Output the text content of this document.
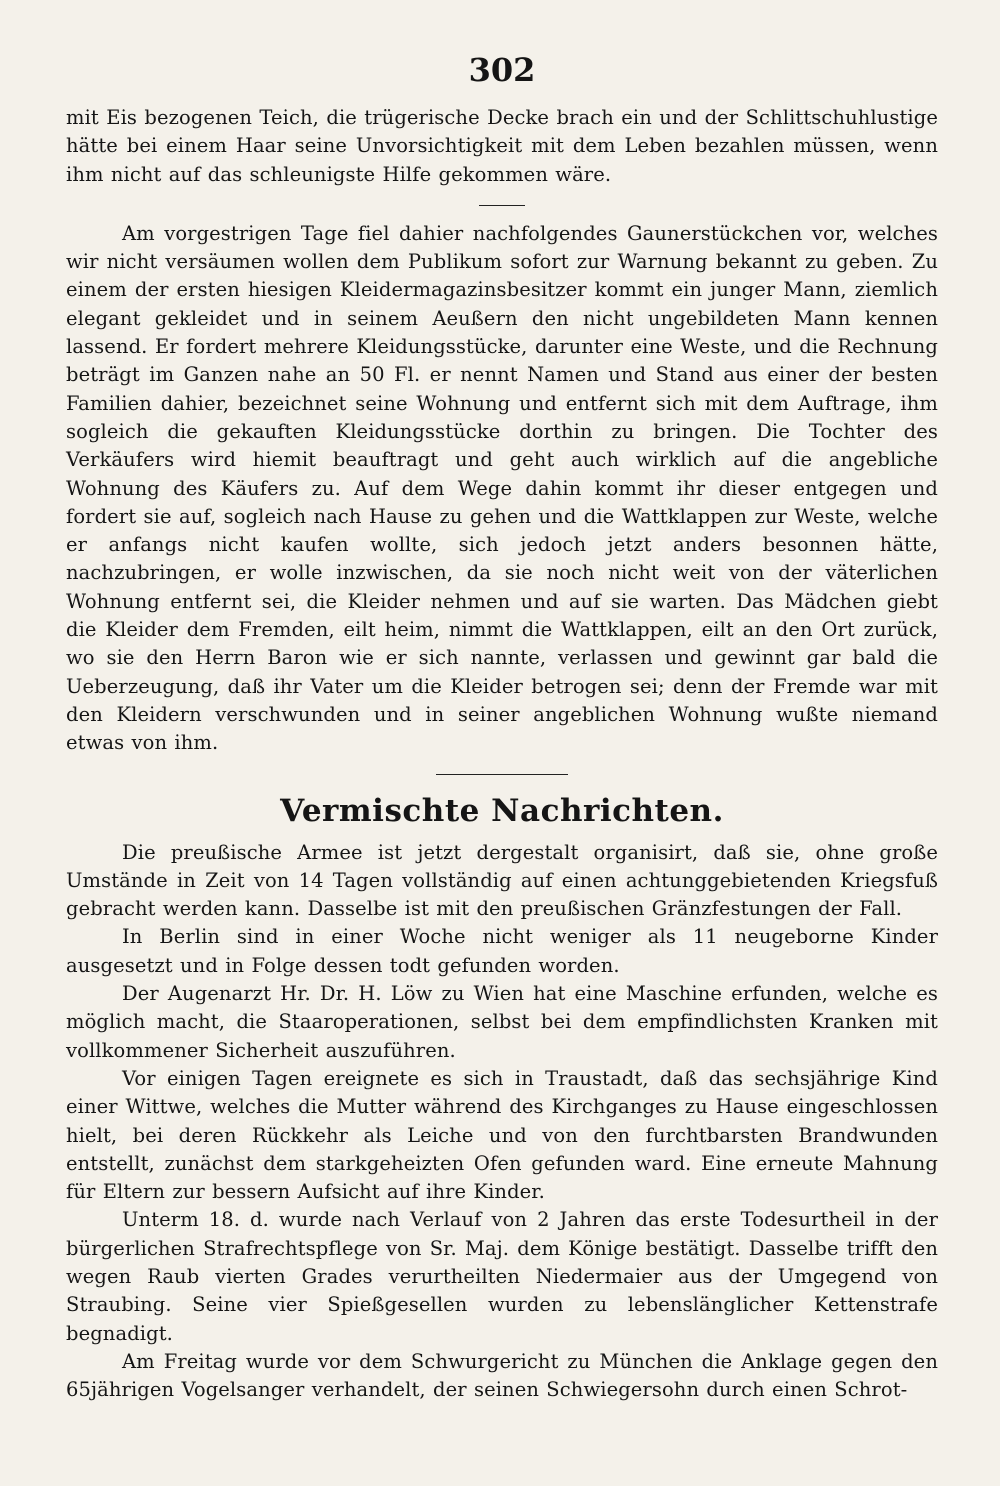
302

mit Eis bezogenen Teich, die trügerische Decke brach ein und der Schlittschuhlustige hätte bei einem Haar seine Unvorsichtigkeit mit dem Leben bezahlen müssen, wenn ihm nicht auf das schleunigste Hilfe gekommen wäre.

Am vorgestrigen Tage fiel dahier nachfolgendes Gaunerstückchen vor, welches wir nicht versäumen wollen dem Publikum sofort zur Warnung bekannt zu geben. Zu einem der ersten hiesigen Kleidermagazinsbesitzer kommt ein junger Mann, ziemlich elegant gekleidet und in seinem Aeußern den nicht ungebildeten Mann kennen lassend. Er fordert mehrere Kleidungsstücke, darunter eine Weste, und die Rechnung beträgt im Ganzen nahe an 50 Fl. er nennt Namen und Stand aus einer der besten Familien dahier, bezeichnet seine Wohnung und entfernt sich mit dem Auftrage, ihm sogleich die gekauften Kleidungsstücke dorthin zu bringen. Die Tochter des Verkäufers wird hiemit beauftragt und geht auch wirklich auf die angebliche Wohnung des Käufers zu. Auf dem Wege dahin kommt ihr dieser entgegen und fordert sie auf, sogleich nach Hause zu gehen und die Wattklappen zur Weste, welche er anfangs nicht kaufen wollte, sich jedoch jetzt anders besonnen hätte, nachzubringen, er wolle inzwischen, da sie noch nicht weit von der väterlichen Wohnung entfernt sei, die Kleider nehmen und auf sie warten. Das Mädchen giebt die Kleider dem Fremden, eilt heim, nimmt die Wattklappen, eilt an den Ort zurück, wo sie den Herrn Baron wie er sich nannte, verlassen und gewinnt gar bald die Ueberzeugung, daß ihr Vater um die Kleider betrogen sei; denn der Fremde war mit den Kleidern verschwunden und in seiner angeblichen Wohnung wußte niemand etwas von ihm.

Vermischte Nachrichten.

Die preußische Armee ist jetzt dergestalt organisirt, daß sie, ohne große Umstände in Zeit von 14 Tagen vollständig auf einen achtunggebietenden Kriegsfuß gebracht werden kann. Dasselbe ist mit den preußischen Gränzfestungen der Fall.

In Berlin sind in einer Woche nicht weniger als 11 neugeborne Kinder ausgesetzt und in Folge dessen todt gefunden worden.

Der Augenarzt Hr. Dr. H. Löw zu Wien hat eine Maschine erfunden, welche es möglich macht, die Staaroperationen, selbst bei dem empfindlichsten Kranken mit vollkommener Sicherheit auszuführen.

Vor einigen Tagen ereignete es sich in Traustadt, daß das sechsjährige Kind einer Wittwe, welches die Mutter während des Kirchganges zu Hause eingeschlossen hielt, bei deren Rückkehr als Leiche und von den furchtbarsten Brandwunden entstellt, zunächst dem starkgeheizten Ofen gefunden ward. Eine erneute Mahnung für Eltern zur bessern Aufsicht auf ihre Kinder.

Unterm 18. d. wurde nach Verlauf von 2 Jahren das erste Todesurtheil in der bürgerlichen Strafrechtspflege von Sr. Maj. dem Könige bestätigt. Dasselbe trifft den wegen Raub vierten Grades verurtheilten Niedermaier aus der Umgegend von Straubing. Seine vier Spießgesellen wurden zu lebenslänglicher Kettenstrafe begnadigt.

Am Freitag wurde vor dem Schwurgericht zu München die Anklage gegen den 65jährigen Vogelsanger verhandelt, der seinen Schwiegersohn durch einen Schrot-
